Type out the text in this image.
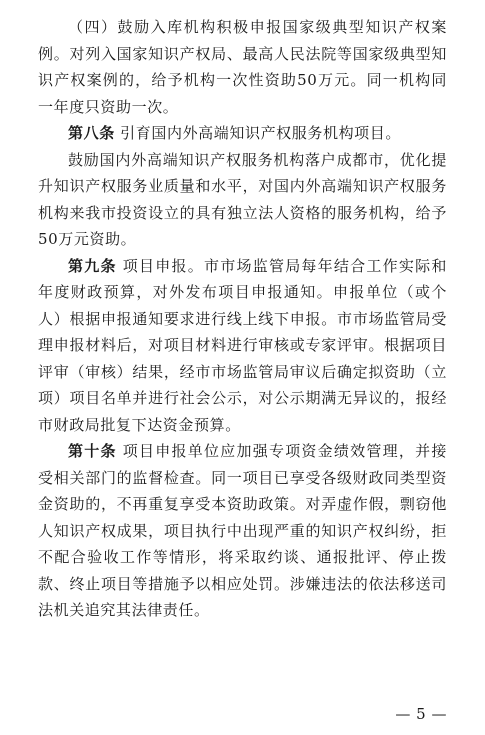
（四）鼓励入库机构积极申报国家级典型知识产权案例。对列入国家知识产权局、最高人民法院等国家级典型知识产权案例的，给予机构一次性资助50万元。同一机构同一年度只资助一次。

第八条 引育国内外高端知识产权服务机构项目。

鼓励国内外高端知识产权服务机构落户成都市，优化提升知识产权服务业质量和水平，对国内外高端知识产权服务机构来我市投资设立的具有独立法人资格的服务机构，给予50万元资助。

第九条 项目申报。市市场监管局每年结合工作实际和年度财政预算，对外发布项目申报通知。申报单位（或个人）根据申报通知要求进行线上线下申报。市市场监管局受理申报材料后，对项目材料进行审核或专家评审。根据项目评审（审核）结果，经市市场监管局审议后确定拟资助（立项）项目名单并进行社会公示，对公示期满无异议的，报经市财政局批复下达资金预算。

第十条 项目申报单位应加强专项资金绩效管理，并接受相关部门的监督检查。同一项目已享受各级财政同类型资金资助的，不再重复享受本资助政策。对弄虚作假，剽窃他人知识产权成果，项目执行中出现严重的知识产权纠纷，拒不配合验收工作等情形，将采取约谈、通报批评、停止拨款、终止项目等措施予以相应处罚。涉嫌违法的依法移送司法机关追究其法律责任。

— 5 —
